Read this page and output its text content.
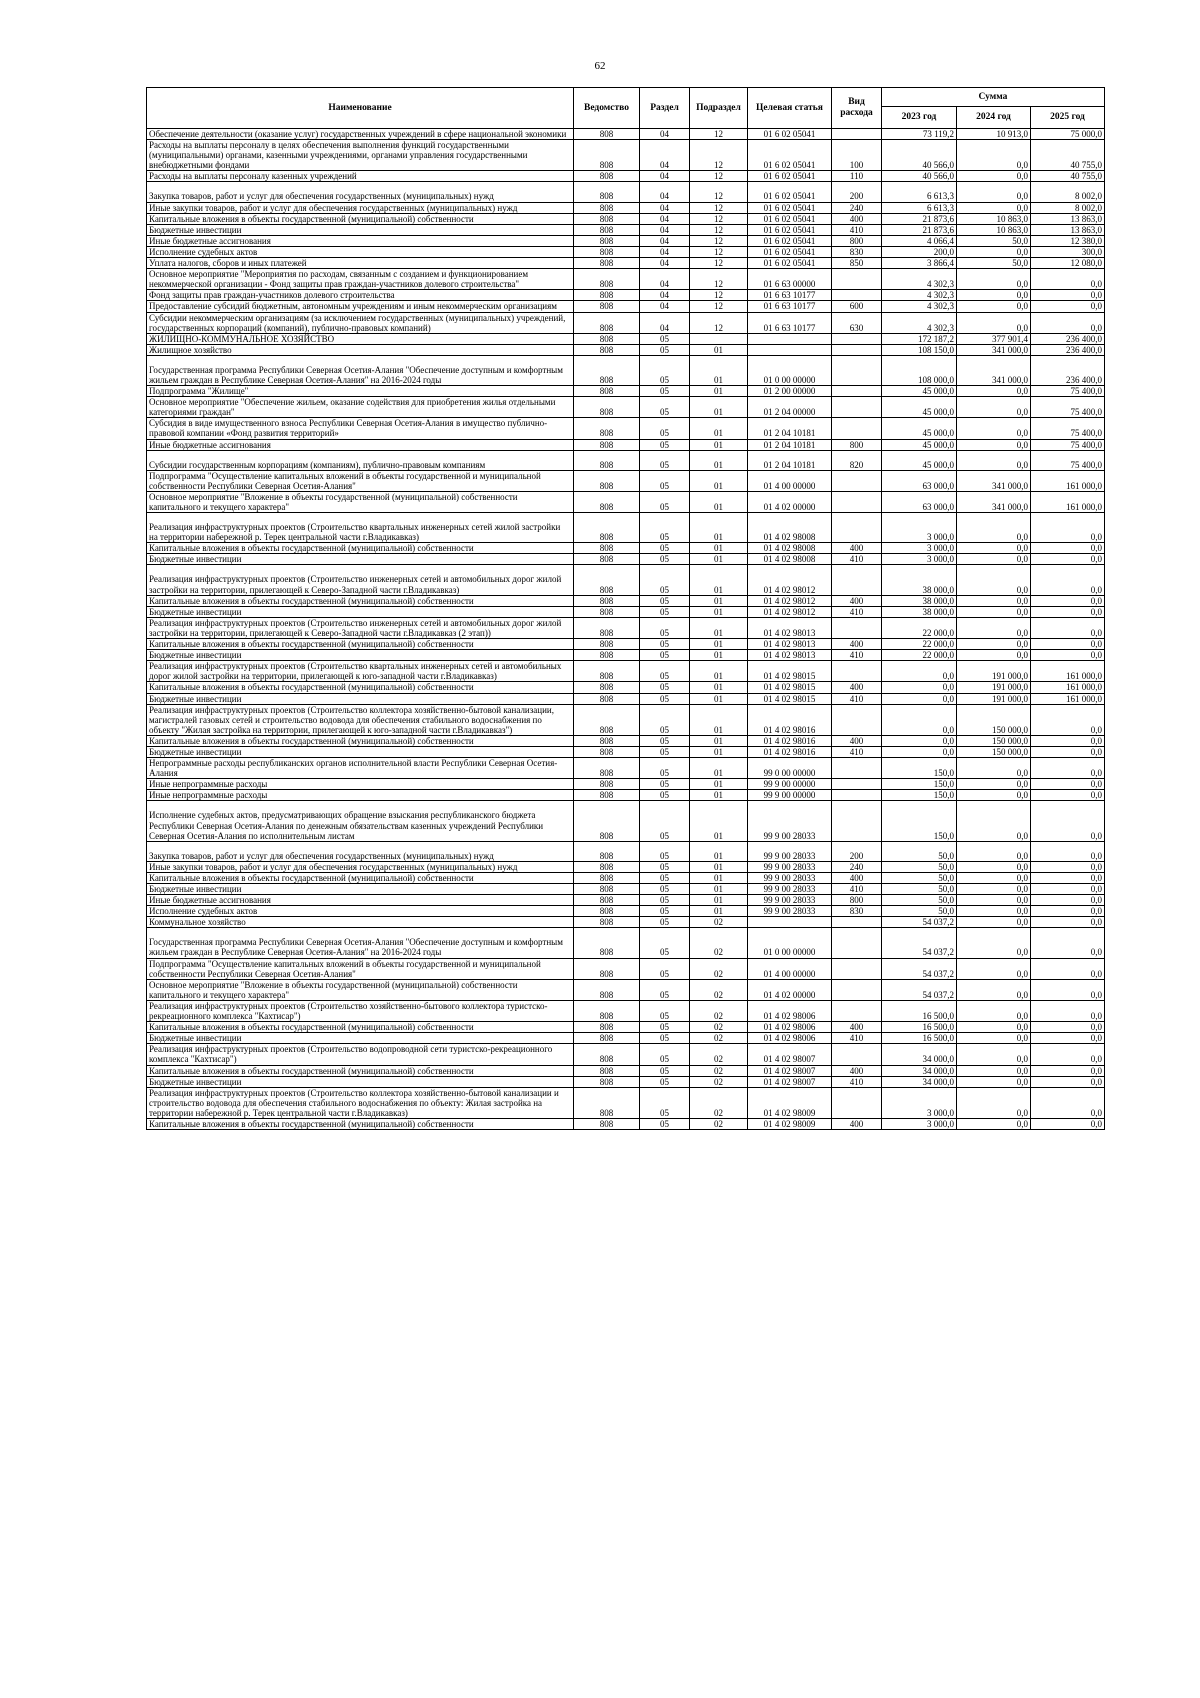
62
Наименование	Ведомство	Раздел	Подраздел	Целевая статья	Вид расхода	Сумма		
						2023 год	2024 год	2025 год
Обеспечение деятельности (оказание услуг) государственных учреждений в сфере национальной экономики	808	04	12	01 6 02 05041		73 119,2	10 913,0	75 000,0
Расходы на выплаты персоналу в целях обеспечения выполнения функций государственными (муниципальными) органами, казенными учреждениями, органами управления государственными внебюджетными фондами	808	04	12	01 6 02 05041	100	40 566,0	0,0	40 755,0
Расходы на выплаты персоналу казенных учреждений	808	04	12	01 6 02 05041	110	40 566,0	0,0	40 755,0
Закупка товаров, работ и услуг для обеспечения государственных (муниципальных) нужд	808	04	12	01 6 02 05041	200	6 613,3	0,0	8 002,0
Иные закупки товаров, работ и услуг для обеспечения государственных (муниципальных) нужд	808	04	12	01 6 02 05041	240	6 613,3	0,0	8 002,0
Капитальные вложения в объекты государственной (муниципальной) собственности	808	04	12	01 6 02 05041	400	21 873,6	10 863,0	13 863,0
Бюджетные инвестиции	808	04	12	01 6 02 05041	410	21 873,6	10 863,0	13 863,0
Иные бюджетные ассигнования	808	04	12	01 6 02 05041	800	4 066,4	50,0	12 380,0
Исполнение судебных актов	808	04	12	01 6 02 05041	830	200,0	0,0	300,0
Уплата налогов, сборов и иных платежей	808	04	12	01 6 02 05041	850	3 866,4	50,0	12 080,0
Основное мероприятие "Мероприятия по расходам, связанным с созданием и функционированием некоммерческой организации - Фонд защиты прав граждан-участников долевого строительства"	808	04	12	01 6 63 00000		4 302,3	0,0	0,0
Фонд защиты прав граждан-участников долевого строительства	808	04	12	01 6 63 10177		4 302,3	0,0	0,0
Предоставление субсидий бюджетным, автономным учреждениям и иным некоммерческим организациям	808	04	12	01 6 63 10177	600	4 302,3	0,0	0,0
Субсидии некоммерческим организациям (за исключением государственных (муниципальных) учреждений, государственных корпораций (компаний), публично-правовых компаний)	808	04	12	01 6 63 10177	630	4 302,3	0,0	0,0
ЖИЛИЩНО-КОММУНАЛЬНОЕ ХОЗЯЙСТВО	808	05				172 187,2	377 901,4	236 400,0
Жилищное хозяйство	808	05	01			108 150,0	341 000,0	236 400,0
Государственная программа Республики Северная Осетия-Алания "Обеспечение доступным и комфортным жильем граждан в Республике Северная Осетия-Алания" на 2016-2024 годы	808	05	01	01 0 00 00000		108 000,0	341 000,0	236 400,0
Подпрограмма "Жилище"	808	05	01	01 2 00 00000		45 000,0	0,0	75 400,0
Основное мероприятие "Обеспечение жильем, оказание содействия для приобретения жилья отдельными категориями граждан"	808	05	01	01 2 04 00000		45 000,0	0,0	75 400,0
Субсидия в виде имущественного взноса Республики Северная Осетия-Алания в имущество публично-правовой компании «Фонд развития территорий»	808	05	01	01 2 04 10181		45 000,0	0,0	75 400,0
Иные бюджетные ассигнования	808	05	01	01 2 04 10181	800	45 000,0	0,0	75 400,0
Субсидии государственным корпорациям (компаниям), публично-правовым компаниям	808	05	01	01 2 04 10181	820	45 000,0	0,0	75 400,0
Подпрограмма "Осуществление капитальных вложений в объекты государственной и муниципальной собственности Республики Северная Осетия-Алания"	808	05	01	01 4 00 00000		63 000,0	341 000,0	161 000,0
Основное мероприятие "Вложение в объекты государственной (муниципальной) собственности капитального и текущего характера"	808	05	01	01 4 02 00000		63 000,0	341 000,0	161 000,0
Реализация инфраструктурных проектов (Строительство квартальных инженерных сетей жилой застройки на территории набережной р. Терек центральной части г.Владикавказ)	808	05	01	01 4 02 98008		3 000,0	0,0	0,0
Капитальные вложения в объекты государственной (муниципальной) собственности	808	05	01	01 4 02 98008	400	3 000,0	0,0	0,0
Бюджетные инвестиции	808	05	01	01 4 02 98008	410	3 000,0	0,0	0,0
Реализация инфраструктурных проектов (Строительство инженерных сетей и автомобильных дорог жилой застройки на территории, прилегающей к Северо-Западной части г.Владикавказ)	808	05	01	01 4 02 98012		38 000,0	0,0	0,0
Капитальные вложения в объекты государственной (муниципальной) собственности	808	05	01	01 4 02 98012	400	38 000,0	0,0	0,0
Бюджетные инвестиции	808	05	01	01 4 02 98012	410	38 000,0	0,0	0,0
Реализация инфраструктурных проектов (Строительство инженерных сетей и автомобильных дорог жилой застройки на территории, прилегающей к Северо-Западной части г.Владикавказ (2 этап))	808	05	01	01 4 02 98013		22 000,0	0,0	0,0
Капитальные вложения в объекты государственной (муниципальной) собственности	808	05	01	01 4 02 98013	400	22 000,0	0,0	0,0
Бюджетные инвестиции	808	05	01	01 4 02 98013	410	22 000,0	0,0	0,0
Реализация инфраструктурных проектов (Строительство квартальных инженерных сетей и автомобильных дорог жилой застройки на территории, прилегающей к юго-западной части г.Владикавказ)	808	05	01	01 4 02 98015		0,0	191 000,0	161 000,0
Капитальные вложения в объекты государственной (муниципальной) собственности	808	05	01	01 4 02 98015	400	0,0	191 000,0	161 000,0
Бюджетные инвестиции	808	05	01	01 4 02 98015	410	0,0	191 000,0	161 000,0
Реализация инфраструктурных проектов (Строительство коллектора хозяйственно-бытовой канализации, магистралей газовых сетей и строительство водовода для обеспечения стабильного водоснабжения по объекту "Жилая застройка на территории, прилегающей к юго-западной части г.Владикавказ")	808	05	01	01 4 02 98016		0,0	150 000,0	0,0
Капитальные вложения в объекты государственной (муниципальной) собственности	808	05	01	01 4 02 98016	400	0,0	150 000,0	0,0
Бюджетные инвестиции	808	05	01	01 4 02 98016	410	0,0	150 000,0	0,0
Непрограммные расходы республиканских органов исполнительной власти Республики Северная Осетия-Алания	808	05	01	99 0 00 00000		150,0	0,0	0,0
Иные непрограммные расходы	808	05	01	99 9 00 00000		150,0	0,0	0,0
Иные непрограммные расходы	808	05	01	99 9 00 00000		150,0	0,0	0,0
Исполнение судебных актов, предусматривающих обращение взыскания республиканского бюджета Республики Северная Осетия-Алания по денежным обязательствам казенных учреждений Республики Северная Осетия-Алания по исполнительным листам	808	05	01	99 9 00 28033		150,0	0,0	0,0
Закупка товаров, работ и услуг для обеспечения государственных (муниципальных) нужд	808	05	01	99 9 00 28033	200	50,0	0,0	0,0
Иные закупки товаров, работ и услуг для обеспечения государственных (муниципальных) нужд	808	05	01	99 9 00 28033	240	50,0	0,0	0,0
Капитальные вложения в объекты государственной (муниципальной) собственности	808	05	01	99 9 00 28033	400	50,0	0,0	0,0
Бюджетные инвестиции	808	05	01	99 9 00 28033	410	50,0	0,0	0,0
Иные бюджетные ассигнования	808	05	01	99 9 00 28033	800	50,0	0,0	0,0
Исполнение судебных актов	808	05	01	99 9 00 28033	830	50,0	0,0	0,0
Коммунальное хозяйство	808	05	02			54 037,2	0,0	0,0
Государственная программа Республики Северная Осетия-Алания "Обеспечение доступным и комфортным жильем граждан в Республике Северная Осетия-Алания" на 2016-2024 годы	808	05	02	01 0 00 00000		54 037,2	0,0	0,0
Подпрограмма "Осуществление капитальных вложений в объекты государственной и муниципальной собственности Республики Северная Осетия-Алания"	808	05	02	01 4 00 00000		54 037,2	0,0	0,0
Основное мероприятие "Вложение в объекты государственной (муниципальной) собственности капитального и текущего характера"	808	05	02	01 4 02 00000		54 037,2	0,0	0,0
Реализация инфраструктурных проектов (Строительство хозяйственно-бытового коллектора туристско-рекреационного комплекса "Кахтисар")	808	05	02	01 4 02 98006		16 500,0	0,0	0,0
Капитальные вложения в объекты государственной (муниципальной) собственности	808	05	02	01 4 02 98006	400	16 500,0	0,0	0,0
Бюджетные инвестиции	808	05	02	01 4 02 98006	410	16 500,0	0,0	0,0
Реализация инфраструктурных проектов (Строительство водопроводной сети туристско-рекреационного комплекса "Кахтисар")	808	05	02	01 4 02 98007		34 000,0	0,0	0,0
Капитальные вложения в объекты государственной (муниципальной) собственности	808	05	02	01 4 02 98007	400	34 000,0	0,0	0,0
Бюджетные инвестиции	808	05	02	01 4 02 98007	410	34 000,0	0,0	0,0
Реализация инфраструктурных проектов (Строительство коллектора хозяйственно-бытовой канализации и строительство водовода для обеспечения стабильного водоснабжения по объекту: Жилая застройка на территории набережной р. Терек центральной части г.Владикавказ)	808	05	02	01 4 02 98009		3 000,0	0,0	0,0
Капитальные вложения в объекты государственной (муниципальной) собственности	808	05	02	01 4 02 98009	400	3 000,0	0,0	0,0
